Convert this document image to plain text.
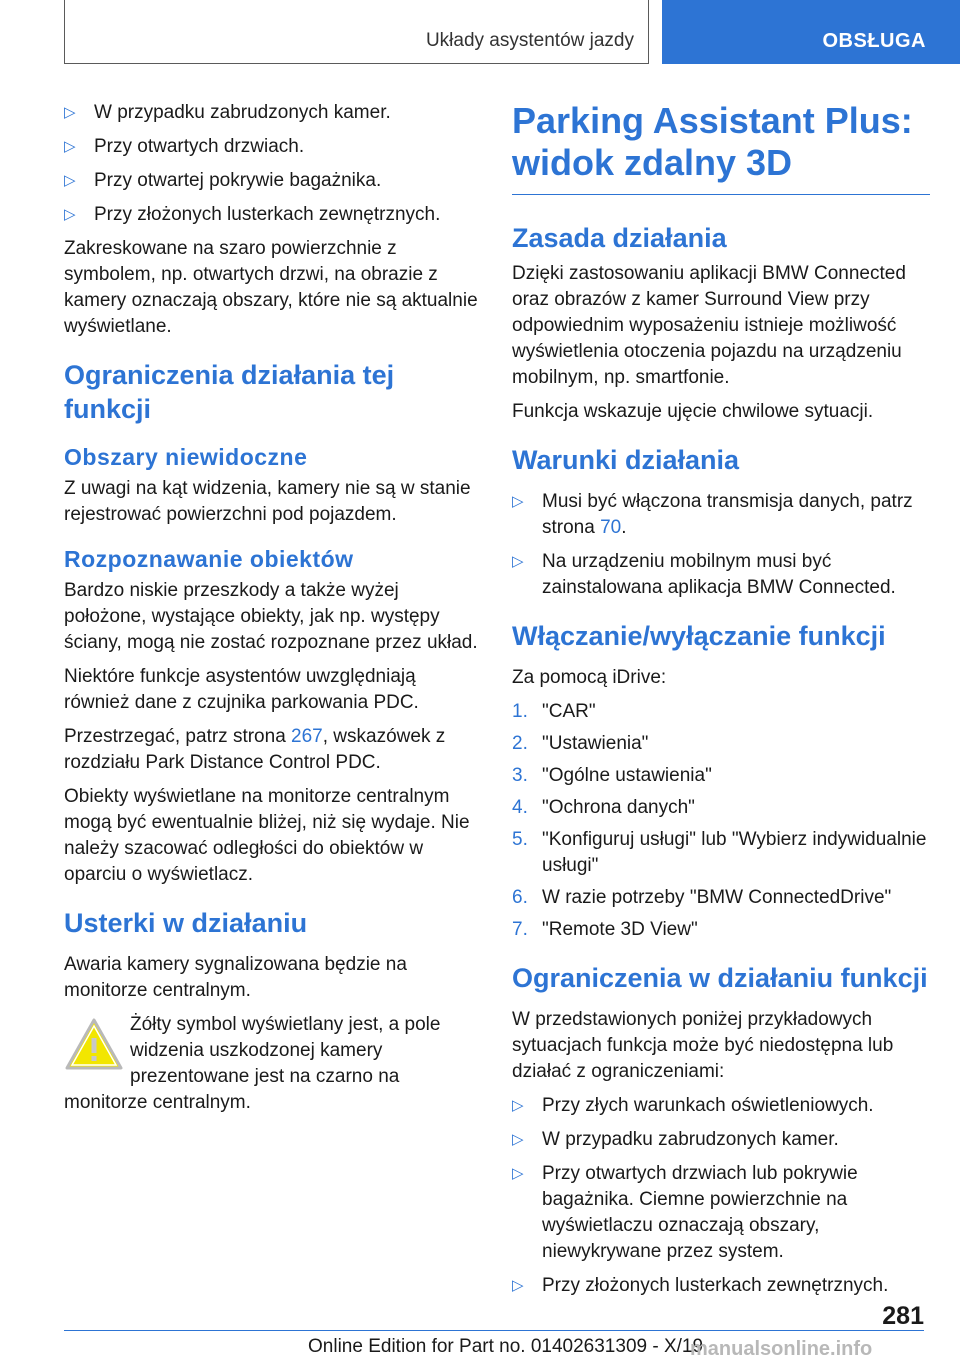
Układy asystentów jazdy	OBSŁUGA
▷ W przypadku zabrudzonych kamer.
▷ Przy otwartych drzwiach.
▷ Przy otwartej pokrywie bagażnika.
▷ Przy złożonych lusterkach zewnętrznych.

Zakreskowane na szaro powierzchnie z symbolem, np. otwartych drzwi, na obrazie z kamery oznaczają obszary, które nie są aktualnie wyświetlane.

Ograniczenia działania tej funkcji
Obszary niewidoczne

Z uwagi na kąt widzenia, kamery nie są w stanie rejestrować powierzchni pod pojazdem.

Rozpoznawanie obiektów

Bardzo niskie przeszkody a także wyżej położone, wystające obiekty, jak np. występy ściany, mogą nie zostać rozpoznane przez układ.

Niektóre funkcje asystentów uwzględniają również dane z czujnika parkowania PDC.

Przestrzegać, patrz strona 267, wskazówek z rozdziału Park Distance Control PDC.

Obiekty wyświetlane na monitorze centralnym mogą być ewentualnie bliżej, niż się wydaje. Nie należy szacować odległości do obiektów w oparciu o wyświetlacz.

Usterki w działaniu

Awaria kamery sygnalizowana będzie na monitorze centralnym.

Żółty symbol wyświetlany jest, a pole widzenia uszkodzonej kamery prezentowane jest na czarno na monitorze centralnym.

Parking Assistant Plus: widok zdalny 3D
Zasada działania

Dzięki zastosowaniu aplikacji BMW Connected oraz obrazów z kamer Surround View przy odpowiednim wyposażeniu istnieje możliwość wyświetlenia otoczenia pojazdu na urządzeniu mobilnym, np. smartfonie.

Funkcja wskazuje ujęcie chwilowe sytuacji.

Warunki działania
▷ Musi być włączona transmisja danych, patrz strona 70.
▷ Na urządzeniu mobilnym musi być zainstalowana aplikacja BMW Connected.
Włączanie/wyłączanie funkcji

Za pomocą iDrive:

1. "CAR"
2. "Ustawienia"
3. "Ogólne ustawienia"
4. "Ochrona danych"
5. "Konfiguruj usługi" lub "Wybierz indywidualnie usługi"
6. W razie potrzeby "BMW ConnectedDrive"
7. "Remote 3D View"
Ograniczenia w działaniu funkcji

W przedstawionych poniżej przykładowych sytuacjach funkcja może być niedostępna lub działać z ograniczeniami:

▷ Przy złych warunkach oświetleniowych.
▷ W przypadku zabrudzonych kamer.
▷ Przy otwartych drzwiach lub pokrywie bagażnika. Ciemne powierzchnie na wyświetlaczu oznaczają obszary, niewykrywane przez system.
▷ Przy złożonych lusterkach zewnętrznych.
281
Online Edition for Part no. 01402631309 - X/19
manualsonline.info
